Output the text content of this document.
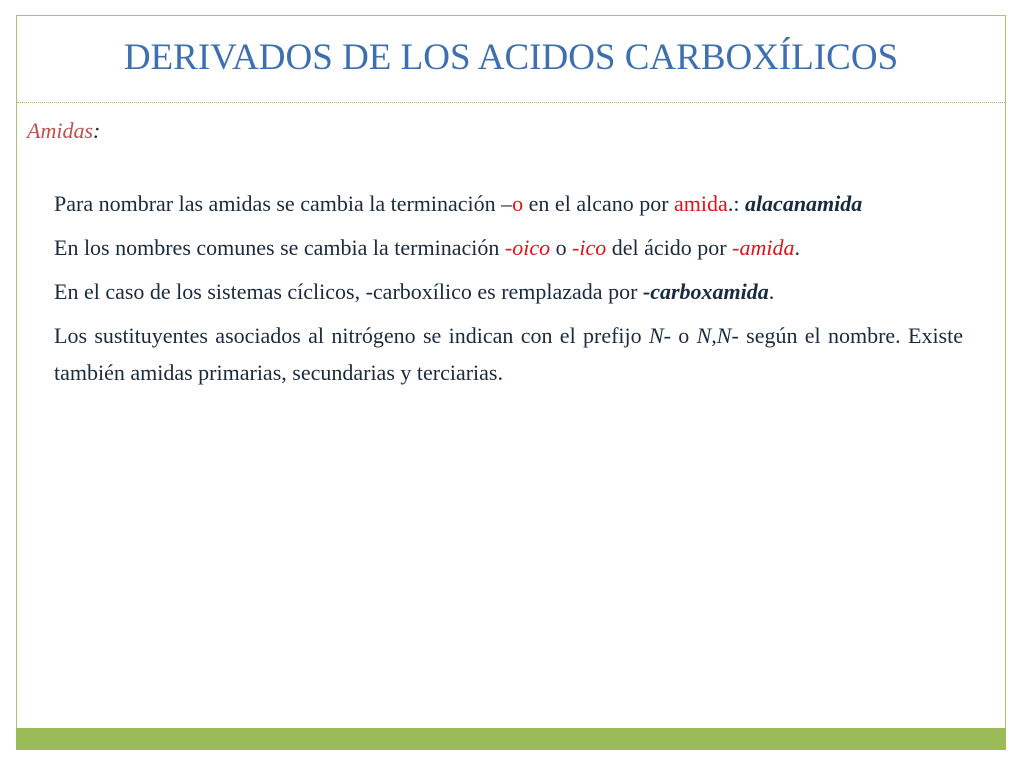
DERIVADOS DE LOS ACIDOS CARBOXÍLICOS
Amidas:

Para nombrar las amidas se cambia la terminación –o en el alcano por amida.: alacanamida

En los nombres comunes se cambia la terminación -oico o -ico del ácido por -amida.

En el caso de los sistemas cíclicos, -carboxílico es remplazada por -carboxamida.

Los sustituyentes asociados al nitrógeno se indican con el prefijo N- o N,N- según el nombre. Existe también amidas primarias, secundarias y terciarias.
